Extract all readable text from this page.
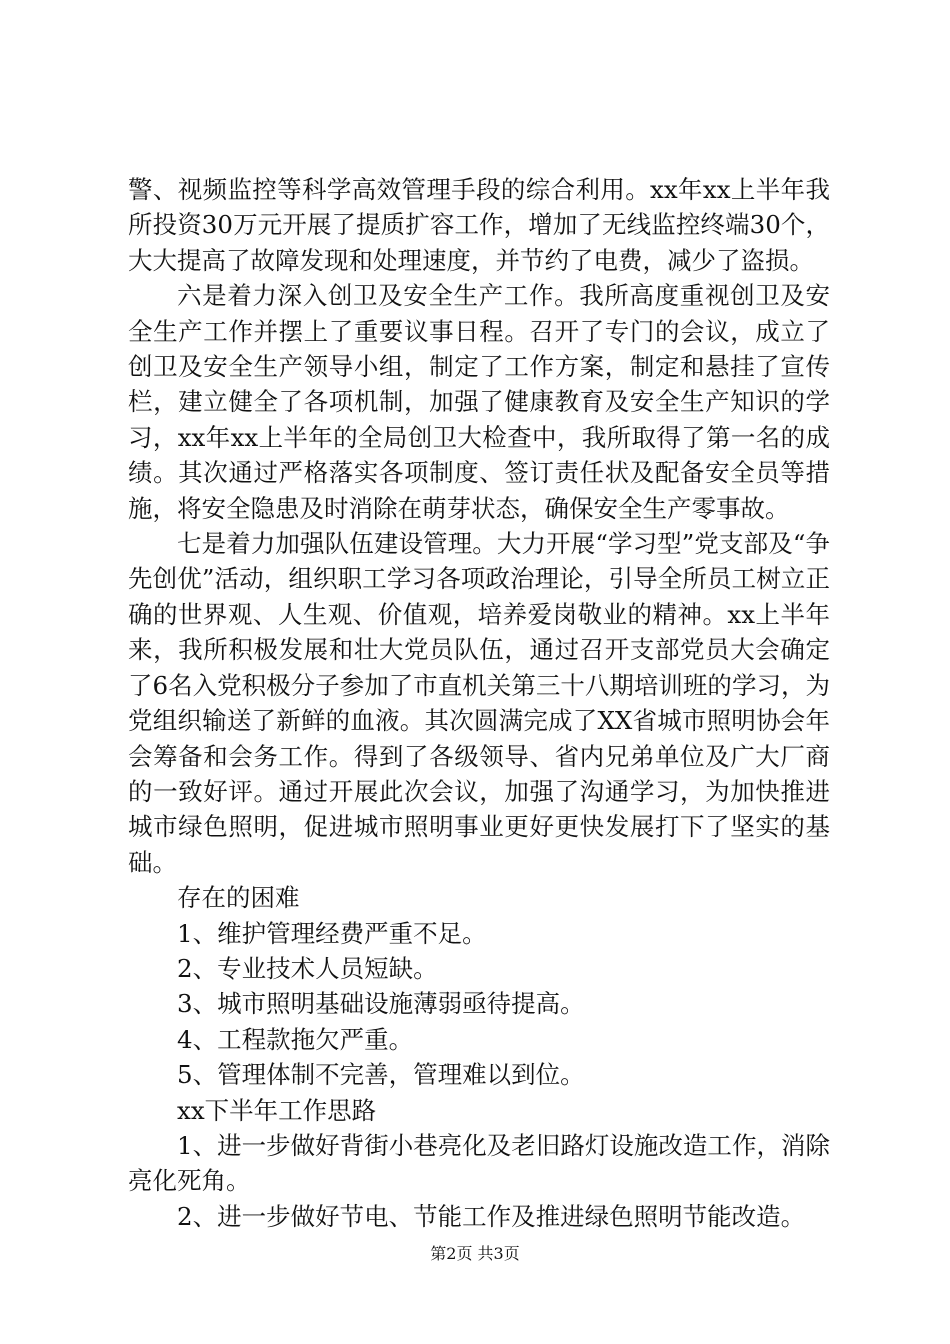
警、视频监控等科学高效管理手段的综合利用。xx年xx上半年我所投资30万元开展了提质扩容工作，增加了无线监控终端30个，大大提高了故障发现和处理速度，并节约了电费，减少了盗损。

六是着力深入创卫及安全生产工作。我所高度重视创卫及安全生产工作并摆上了重要议事日程。召开了专门的会议，成立了创卫及安全生产领导小组，制定了工作方案，制定和悬挂了宣传栏，建立健全了各项机制，加强了健康教育及安全生产知识的学习，xx年xx上半年的全局创卫大检查中，我所取得了第一名的成绩。其次通过严格落实各项制度、签订责任状及配备安全员等措施，将安全隐患及时消除在萌芽状态，确保安全生产零事故。

七是着力加强队伍建设管理。大力开展“学习型”党支部及“争先创优”活动，组织职工学习各项政治理论，引导全所员工树立正确的世界观、人生观、价值观，培养爱岗敬业的精神。xx上半年来，我所积极发展和壮大党员队伍，通过召开支部党员大会确定了6名入党积极分子参加了市直机关第三十八期培训班的学习，为党组织输送了新鲜的血液。其次圆满完成了XX省城市照明协会年会筹备和会务工作。得到了各级领导、省内兄弟单位及广大厂商的一致好评。通过开展此次会议，加强了沟通学习，为加快推进城市绿色照明，促进城市照明事业更好更快发展打下了坚实的基础。

存在的困难

1、维护管理经费严重不足。

2、专业技术人员短缺。

3、城市照明基础设施薄弱亟待提高。

4、工程款拖欠严重。

5、管理体制不完善，管理难以到位。

xx下半年工作思路

1、进一步做好背街小巷亮化及老旧路灯设施改造工作，消除亮化死角。

2、进一步做好节电、节能工作及推进绿色照明节能改造。

第2页 共3页
